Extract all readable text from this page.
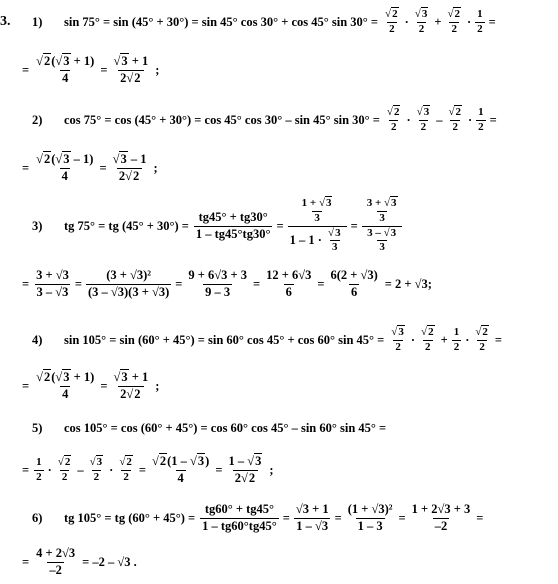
3.	1)	sin 75° = sin (45° + 30°) = sin 45° cos 30° + cos 45° sin 30° =
√ 2
2 ·
√ 3
2 +
√ $\frac{2}{2} \cdot \frac{1}{2}$ =
=
√ $\frac{2(√ 3 + 1)}{4}$ =
√ $\frac{3 + 1}{2√ 2}$ ;
2)	cos 75° = cos (45° + 30°) = cos 45° cos 30° – sin 45° sin 30° =
√ 2
2 ·
√ 3
2 –
√ 2
$2 \cdot \frac{1}{2}$ =
=
√ $\frac{2(√ 3 - 1)}{4}$ =
√ $\frac{3 - 1}{2√ 2}$ ;
3)	tg 75° = tg $(45^\circ + 30^\circ) = \frac{tg45^\circ + tg30^\circ}{1 - tg45^\circ tg30^\circ} = \frac{1 + √ 3}{3}$
1 – 1 ·
√ $\frac{3}{3} = \frac{\frac{3 + √ 3}{3}}{\frac{3 - √ 3}{3}}$
= $\frac{3 + √3}{3 - √3} = \frac{\text{(3 + √3)²}}{(3 - √3)(3 + √3)} = \frac{9 + 6√3 + 3}{9 - 3} = \frac{12 + 6√3}{6} = \frac{6(2 + √3)}{6} = 2 + √3$;
4)	sin 105° = sin (60° + 45°) = sin 60° cos 45° + cos 60° sin 45° =
√ 3
2 ·
√ 2
$2 + \frac{1}{2}$ ·
√ $\frac{2}{2}$ =
=
√ $\frac{2(√ 3 + 1)}{4}$ =
√ $\frac{3 + 1}{2√ 2}$ ;
5)	cos 105° = cos (60° + 45°) = cos 60° cos 45° – sin 60° sin 45° =
=
1
2 ·
√ 2
2 –
√ 3
2 ·
√ $\frac{2}{2}$ =
√ $\frac{2(1 - √ 3)}{4} = \frac{1 - √ 3}{2√ 2}$ ;
6)	tg 105° = tg $(60^\circ + 45^\circ) = \frac{tg60^\circ + tg45^\circ}{1 - tg60^\circ tg45^\circ} = \frac{√3 + 1}{1 - √3} = \frac{\text{(1 + √3)²}}{1 - 3} = \frac{1 + 2√3 + 3}{-2}$ =
=
4 + 2√3
–2
= –2 – √3 .
